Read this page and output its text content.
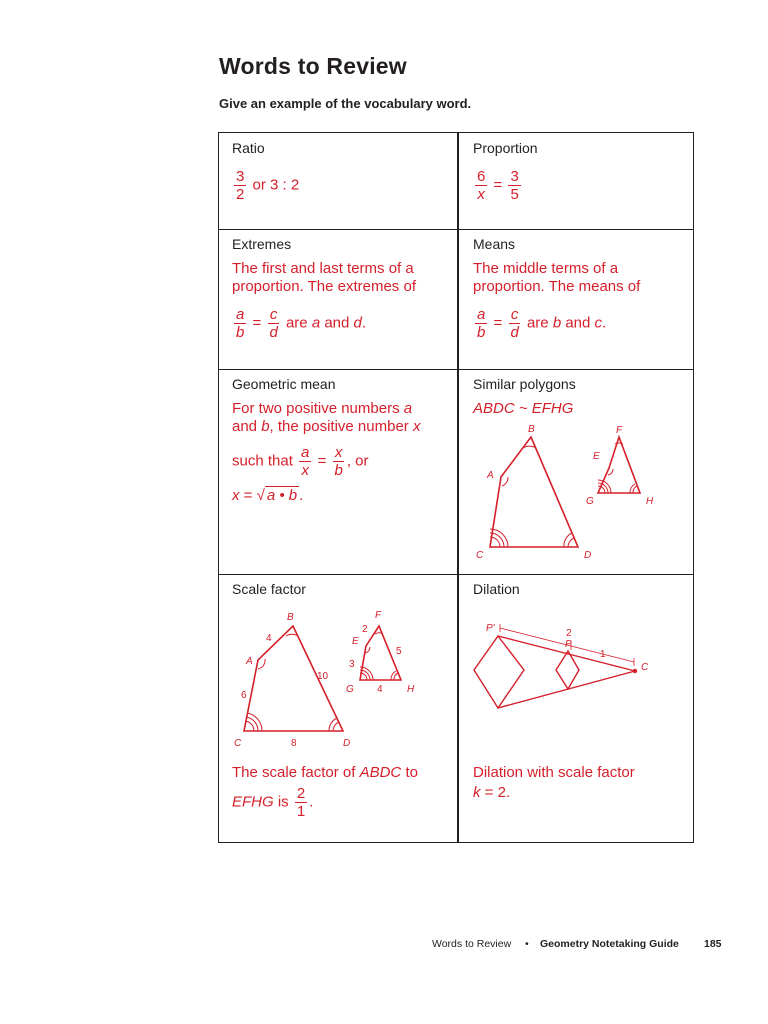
Words to Review
Give an example of the vocabulary word.
Ratio
$\frac{3}{2}$ or 3 : 2
Proportion
$\frac{6}{x} = \frac{3}{5}$
Extremes
The first and last terms of a
proportion. The extremes of
$\frac{a}{b} = \frac{c}{d}$ are a and d.
Means
The middle terms of a
proportion. The means of
$\frac{a}{b} = \frac{c}{d}$ are b and c.
Geometric mean
For two positive numbers a
and b, the positive number x
such that $\frac{a}{x} = \frac{x}{b}$ , or
x = √ a • b .
Similar polygons
ABDC ~ EFHG
B
A
C	D
F
E
G	H
Scale factor
B
A
C	D
F
E
G	H
4
6
10
8
2
3
5
4
The scale factor of ABDC to
EFHG is $\frac{2}{1}$ .
Dilation
P'
P
C
2
1
Dilation with scale factor
k = 2.
Words to Review • Geometry Notetaking Guide 185
